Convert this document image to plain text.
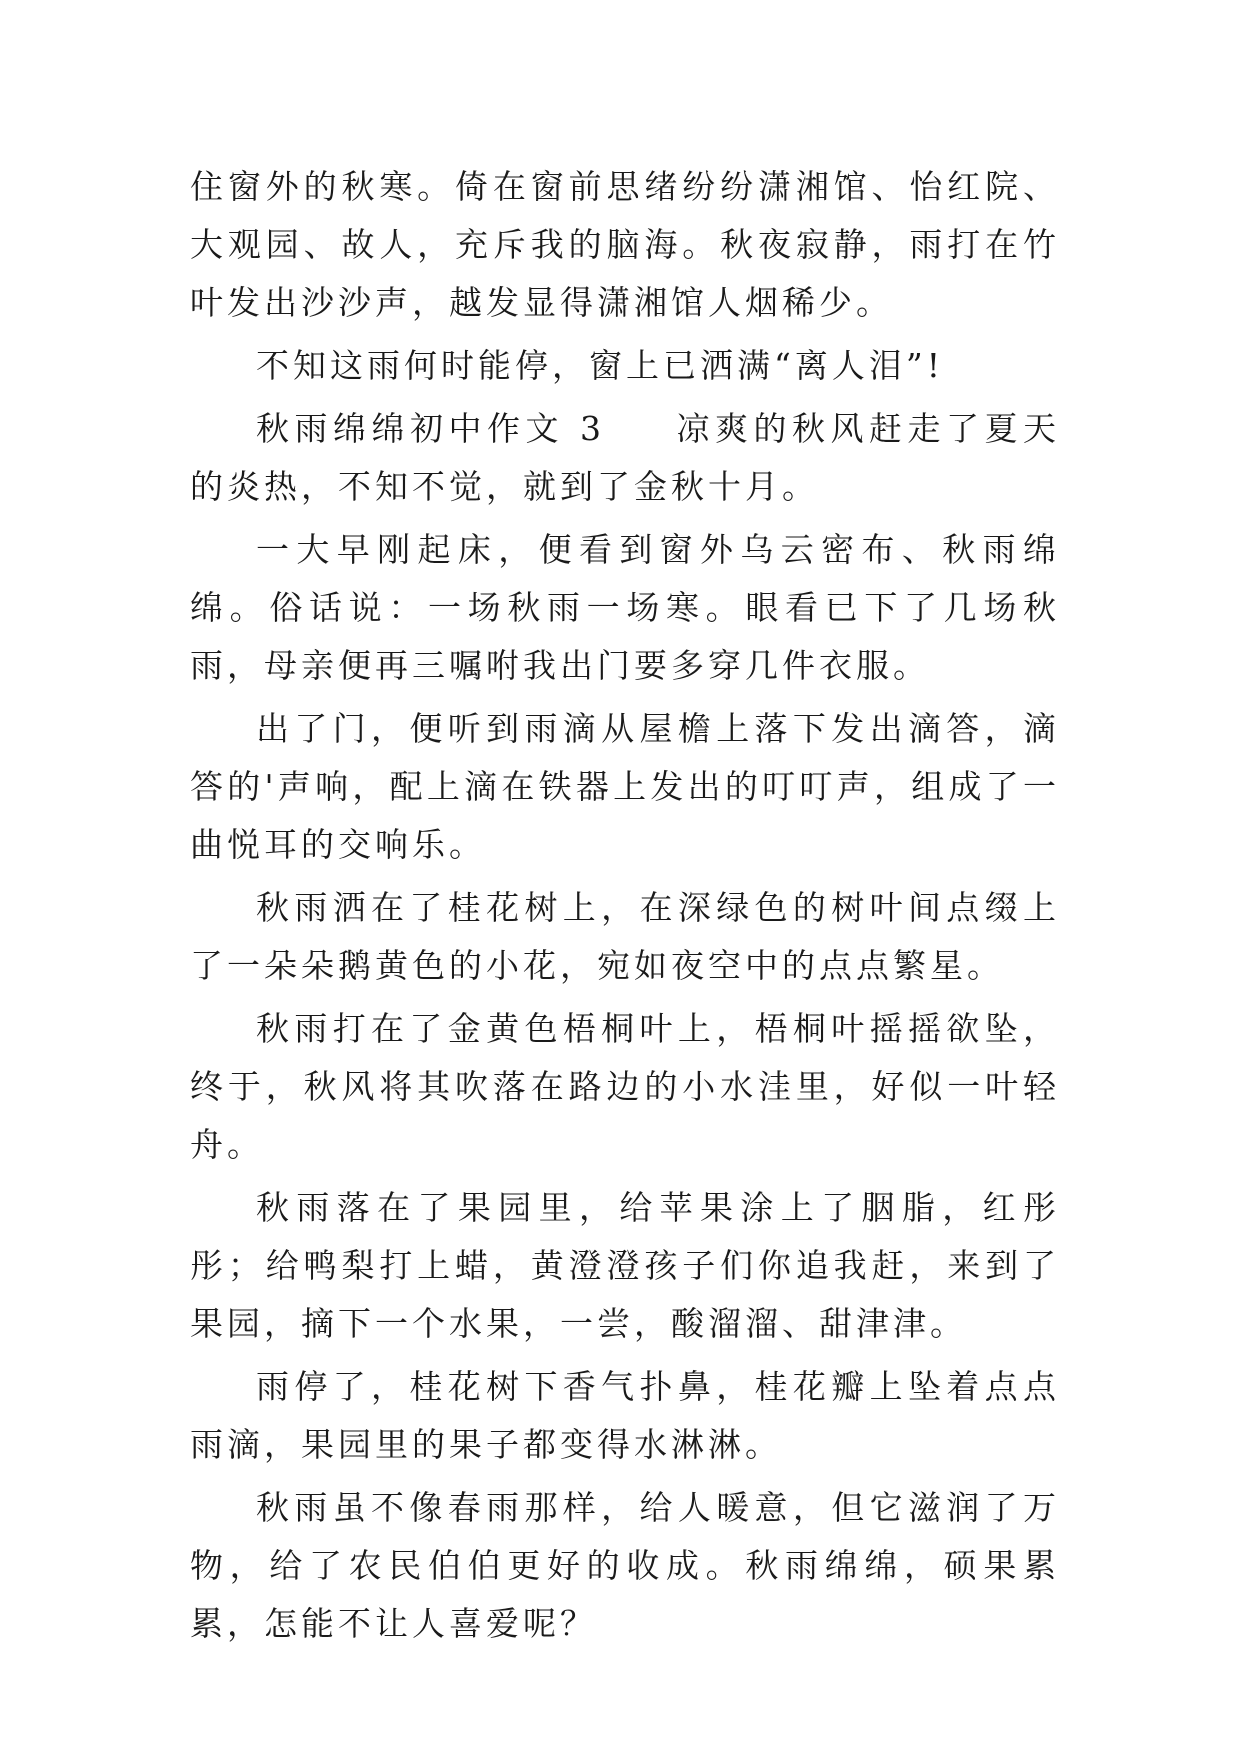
住窗外的秋寒。倚在窗前思绪纷纷潇湘馆、怡红院、大观园、故人，充斥我的脑海。秋夜寂静，雨打在竹叶发出沙沙声，越发显得潇湘馆人烟稀少。

不知这雨何时能停，窗上已洒满“离人泪”!

秋雨绵绵初中作文 3 凉爽的秋风赶走了夏天的炎热，不知不觉，就到了金秋十月。

一大早刚起床，便看到窗外乌云密布、秋雨绵绵。俗话说：一场秋雨一场寒。眼看已下了几场秋雨，母亲便再三嘱咐我出门要多穿几件衣服。

出了门，便听到雨滴从屋檐上落下发出滴答，滴答的'声响，配上滴在铁器上发出的叮叮声，组成了一曲悦耳的交响乐。

秋雨洒在了桂花树上，在深绿色的树叶间点缀上了一朵朵鹅黄色的小花，宛如夜空中的点点繁星。

秋雨打在了金黄色梧桐叶上，梧桐叶摇摇欲坠，终于，秋风将其吹落在路边的小水洼里，好似一叶轻舟。

秋雨落在了果园里，给苹果涂上了胭脂，红彤彤；给鸭梨打上蜡，黄澄澄孩子们你追我赶，来到了果园，摘下一个水果，一尝，酸溜溜、甜津津。

雨停了，桂花树下香气扑鼻，桂花瓣上坠着点点雨滴，果园里的果子都变得水淋淋。

秋雨虽不像春雨那样，给人暖意，但它滋润了万物，给了农民伯伯更好的收成。秋雨绵绵，硕果累累，怎能不让人喜爱呢？
